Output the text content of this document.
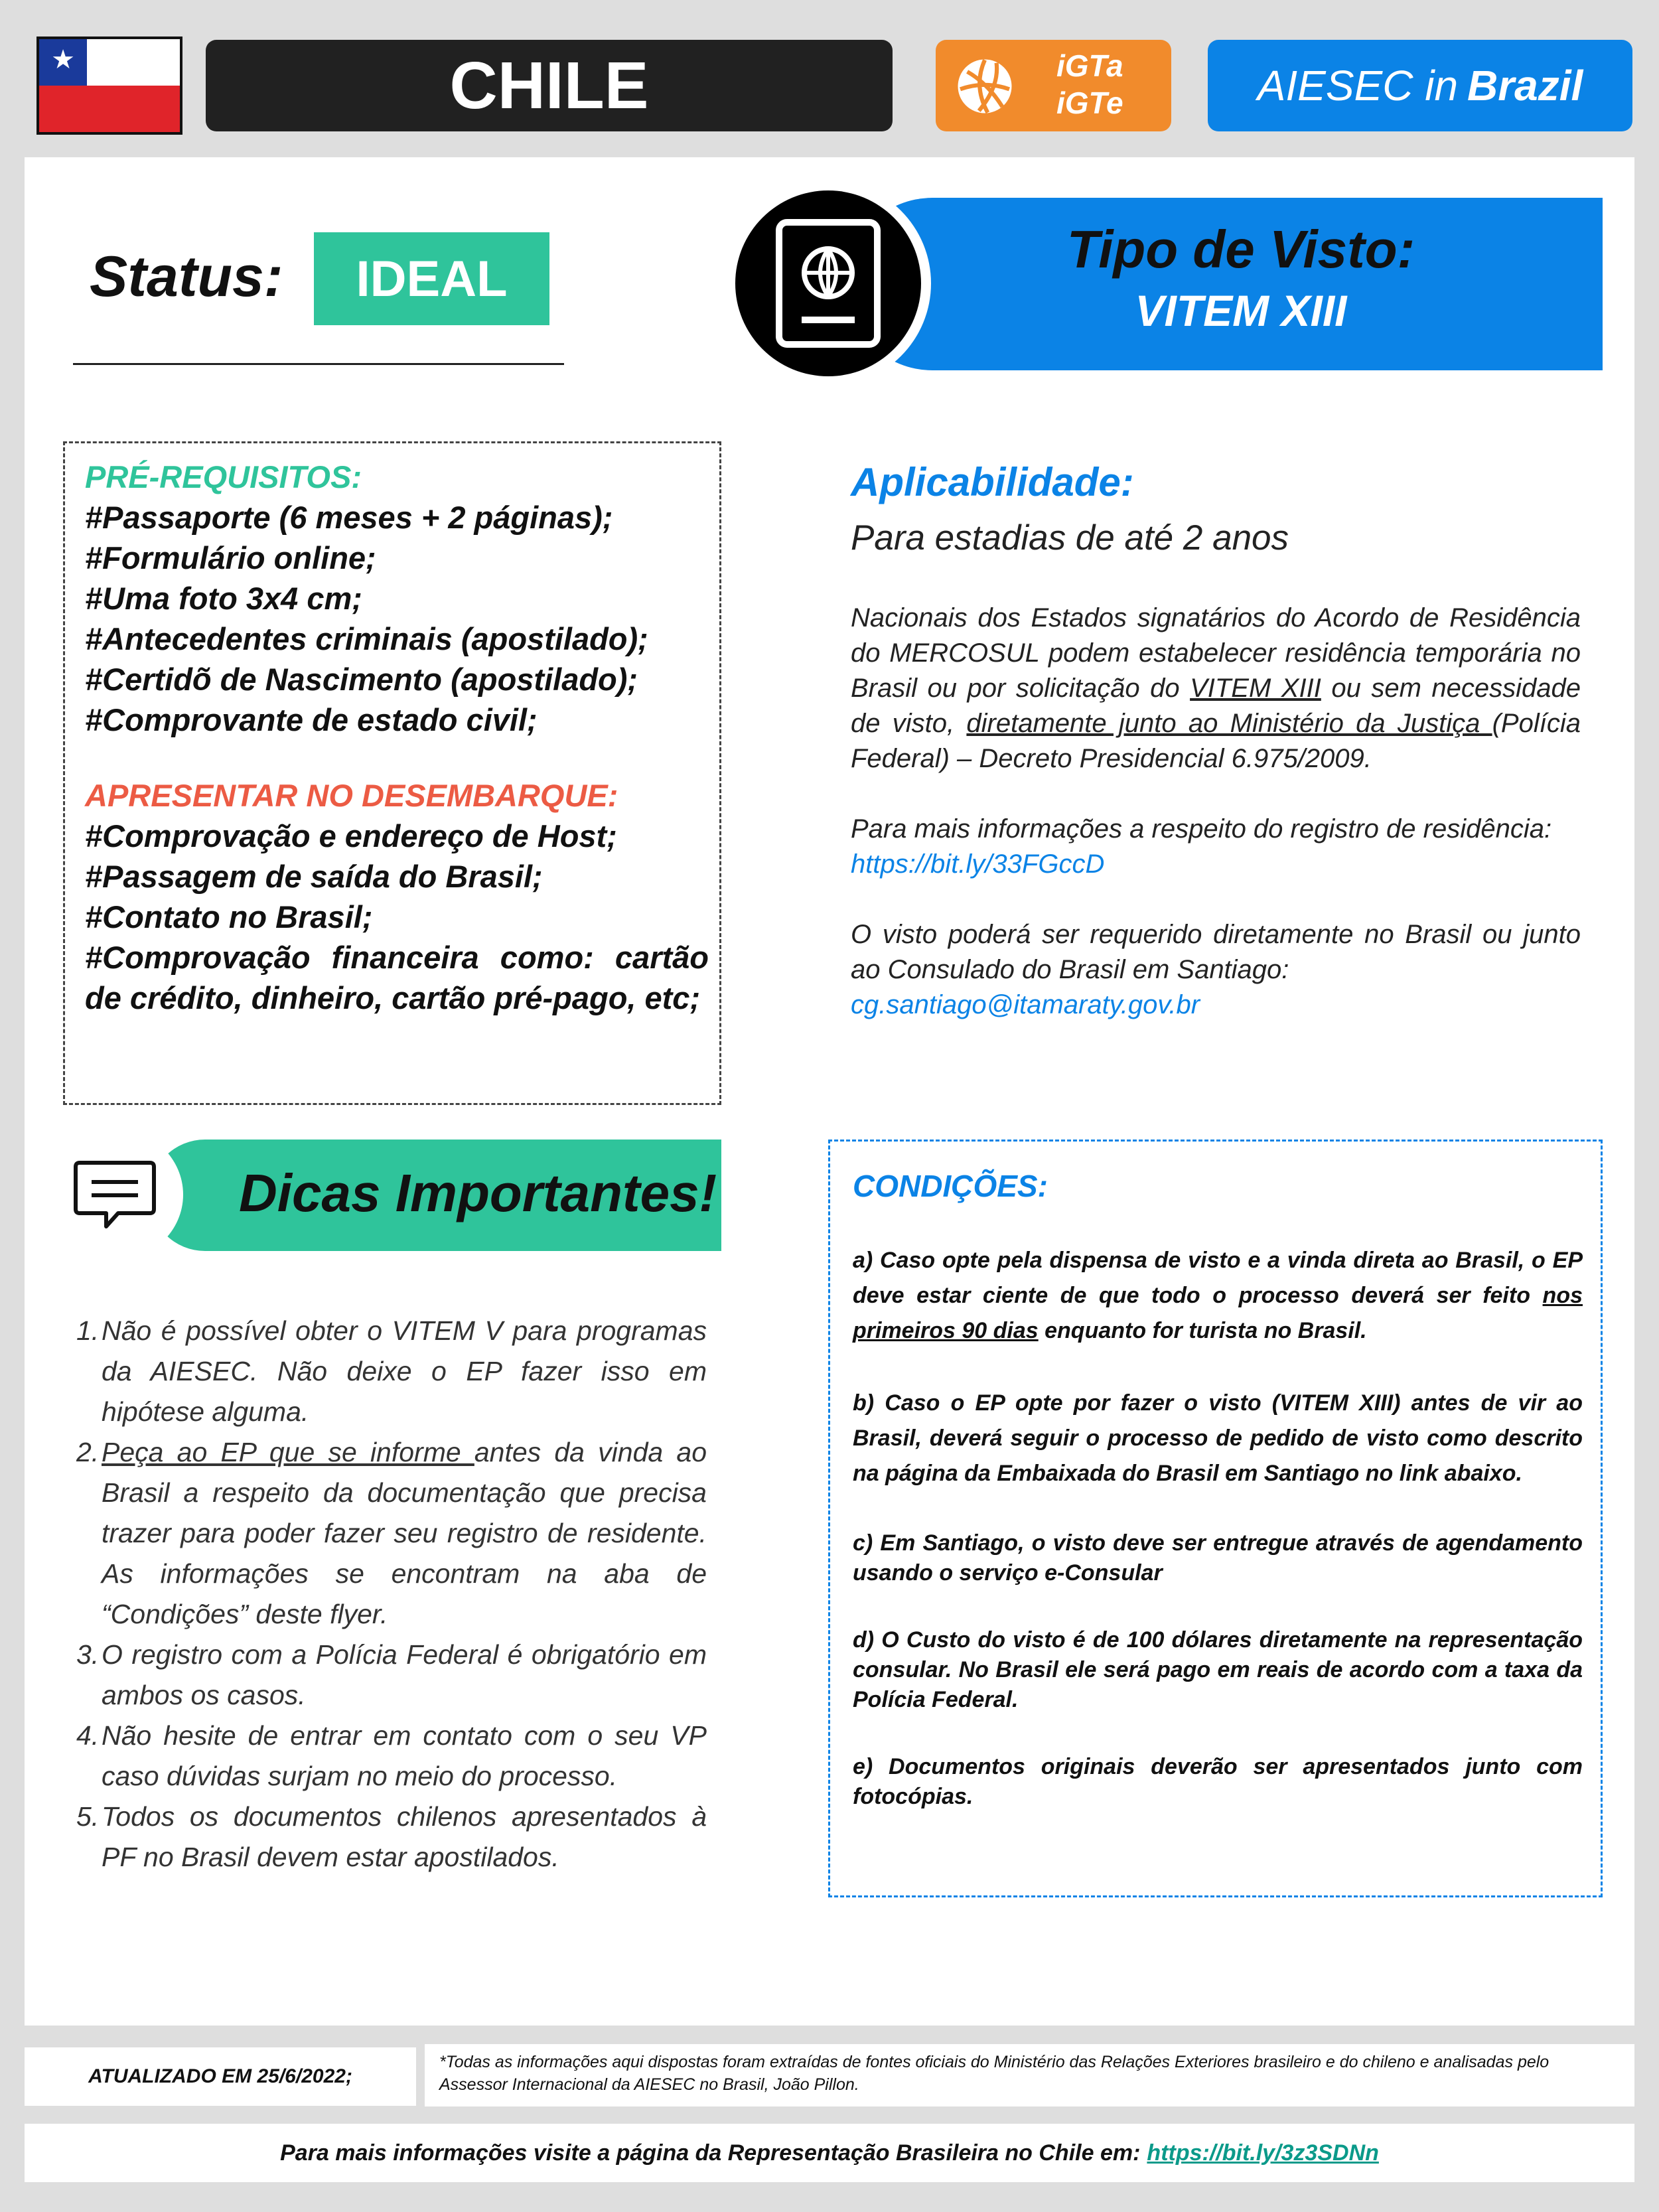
★	CHILE	iGTa
iGTe	AIESEC in Brazil
Status:	IDEAL	Tipo de Visto:
VITEM XIII
PRÉ-REQUISITOS:
#Passaporte (6 meses + 2 páginas);
#Formulário online;
#Uma foto 3x4 cm;
#Antecedentes criminais (apostilado);
#Certidõ de Nascimento (apostilado);
#Comprovante de estado civil;
APRESENTAR NO DESEMBARQUE:
#Comprovação e endereço de Host;
#Passagem de saída do Brasil;
#Contato no Brasil;
#Comprovação financeira como: cartão de crédito, dinheiro, cartão pré-pago, etc;
Aplicabilidade:
Para estadias de até 2 anos

Nacionais dos Estados signatários do Acordo de Residência do MERCOSUL podem estabelecer residência temporária no Brasil ou por solicitação do VITEM XIII ou sem necessidade de visto, diretamente junto ao Ministério da Justiça (Polícia Federal) – Decreto Presidencial 6.975/2009.

Para mais informações a respeito do registro de residência:
https://bit.ly/33FGccD

O visto poderá ser requerido diretamente no Brasil ou junto ao Consulado do Brasil em Santiago:
cg.santiago@itamaraty.gov.br

Dicas Importantes!
1. Não é possível obter o VITEM V para programas da AIESEC. Não deixe o EP fazer isso em hipótese alguma.
2. Peça ao EP que se informe antes da vinda ao Brasil a respeito da documentação que precisa trazer para poder fazer seu registro de residente. As informações se encontram na aba de “Condições” deste flyer.
3. O registro com a Polícia Federal é obrigatório em ambos os casos.
4. Não hesite de entrar em contato com o seu VP caso dúvidas surjam no meio do processo.
5. Todos os documentos chilenos apresentados à PF no Brasil devem estar apostilados.
CONDIÇÕES:

a) Caso opte pela dispensa de visto e a vinda direta ao Brasil, o EP deve estar ciente de que todo o processo deverá ser feito nos primeiros 90 dias enquanto for turista no Brasil.

b) Caso o EP opte por fazer o visto (VITEM XIII) antes de vir ao Brasil, deverá seguir o processo de pedido de visto como descrito na página da Embaixada do Brasil em Santiago no link abaixo.

c) Em Santiago, o visto deve ser entregue através de agendamento usando o serviço e-Consular

d) O Custo do visto é de 100 dólares diretamente na representação consular. No Brasil ele será pago em reais de acordo com a taxa da Polícia Federal.

e) Documentos originais deverão ser apresentados junto com fotocópias.

ATUALIZADO EM 25/6/2022;
*Todas as informações aqui dispostas foram extraídas de fontes oficiais do Ministério das Relações Exteriores brasileiro e do chileno e analisadas pelo Assessor Internacional da AIESEC no Brasil, João Pillon.
Para mais informações visite a página da Representação Brasileira no Chile em: https://bit.ly/3z3SDNn
